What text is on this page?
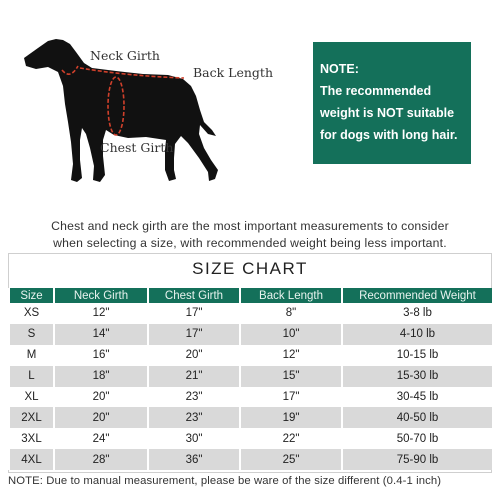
Neck Girth
Back Length
Chest Girth
NOTE:
The recommended
weight is NOT suitable
for dogs with long hair.
Chest and neck girth are the most important measurements to consider
when selecting a size, with recommended weight being less important.
SIZE CHART
Size	Neck Girth	Chest Girth	Back Length	Recommended Weight
XS	12"	17"	8"	3-8 lb
S	14"	17"	10"	4-10 lb
M	16"	20"	12"	10-15 lb
L	18"	21"	15"	15-30 lb
XL	20"	23"	17"	30-45 lb
2XL	20"	23"	19"	40-50 lb
3XL	24"	30"	22"	50-70 lb
4XL	28"	36"	25"	75-90 lb
NOTE: Due to manual measurement, please be ware of the size different (0.4-1 inch)
